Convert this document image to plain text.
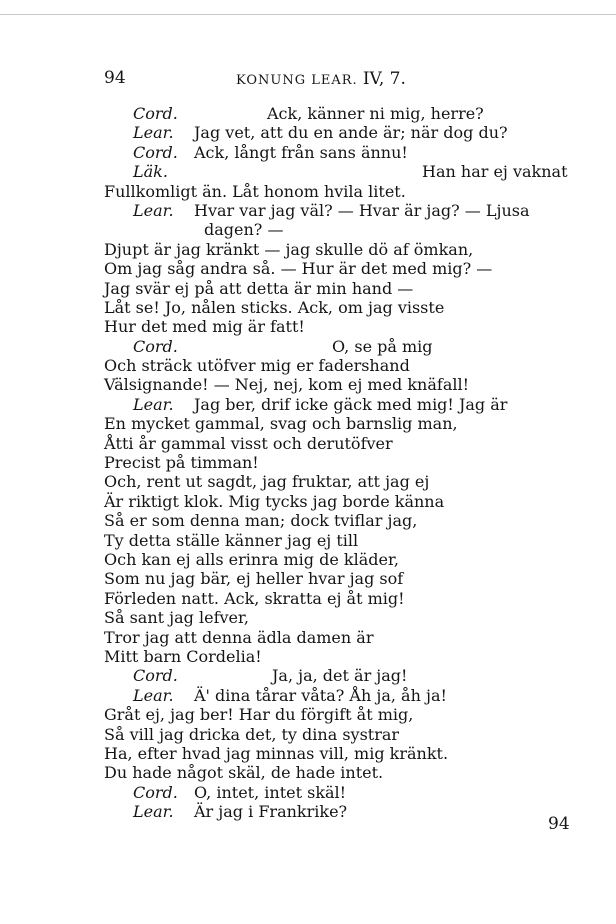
94	KONUNG LEAR. IV, 7.
Cord.	Ack, känner ni mig, herre?
Lear. Jag vet, att du en ande är; när dog du?
Cord. Ack, långt från sans ännu!
Läk.	Han har ej vaknat
Fullkomligt än. Låt honom hvila litet.
Lear. Hvar var jag väl? — Hvar är jag? — Ljusa
dagen? —
Djupt är jag kränkt — jag skulle dö af ömkan,
Om jag såg andra så. — Hur är det med mig? —
Jag svär ej på att detta är min hand —
Låt se! Jo, nålen sticks. Ack, om jag visste
Hur det med mig är fatt!
Cord.	O, se på mig
Och sträck utöfver mig er fadershand
Välsignande! — Nej, nej, kom ej med knäfall!
Lear. Jag ber, drif icke gäck med mig! Jag är
En mycket gammal, svag och barnslig man,
Åtti år gammal visst och derutöfver
Precist på timman!
Och, rent ut sagdt, jag fruktar, att jag ej
Är riktigt klok. Mig tycks jag borde känna
Så er som denna man; dock tviflar jag,
Ty detta ställe känner jag ej till
Och kan ej alls erinra mig de kläder,
Som nu jag bär, ej heller hvar jag sof
Förleden natt. Ack, skratta ej åt mig!
Så sant jag lefver,
Tror jag att denna ädla damen är
Mitt barn Cordelia!
Cord.	Ja, ja, det är jag!
Lear. Ä' dina tårar våta? Åh ja, åh ja!
Gråt ej, jag ber! Har du förgift åt mig,
Så vill jag dricka det, ty dina systrar
Ha, efter hvad jag minnas vill, mig kränkt.
Du hade något skäl, de hade intet.
Cord. O, intet, intet skäl!
Lear. Är jag i Frankrike?
94
